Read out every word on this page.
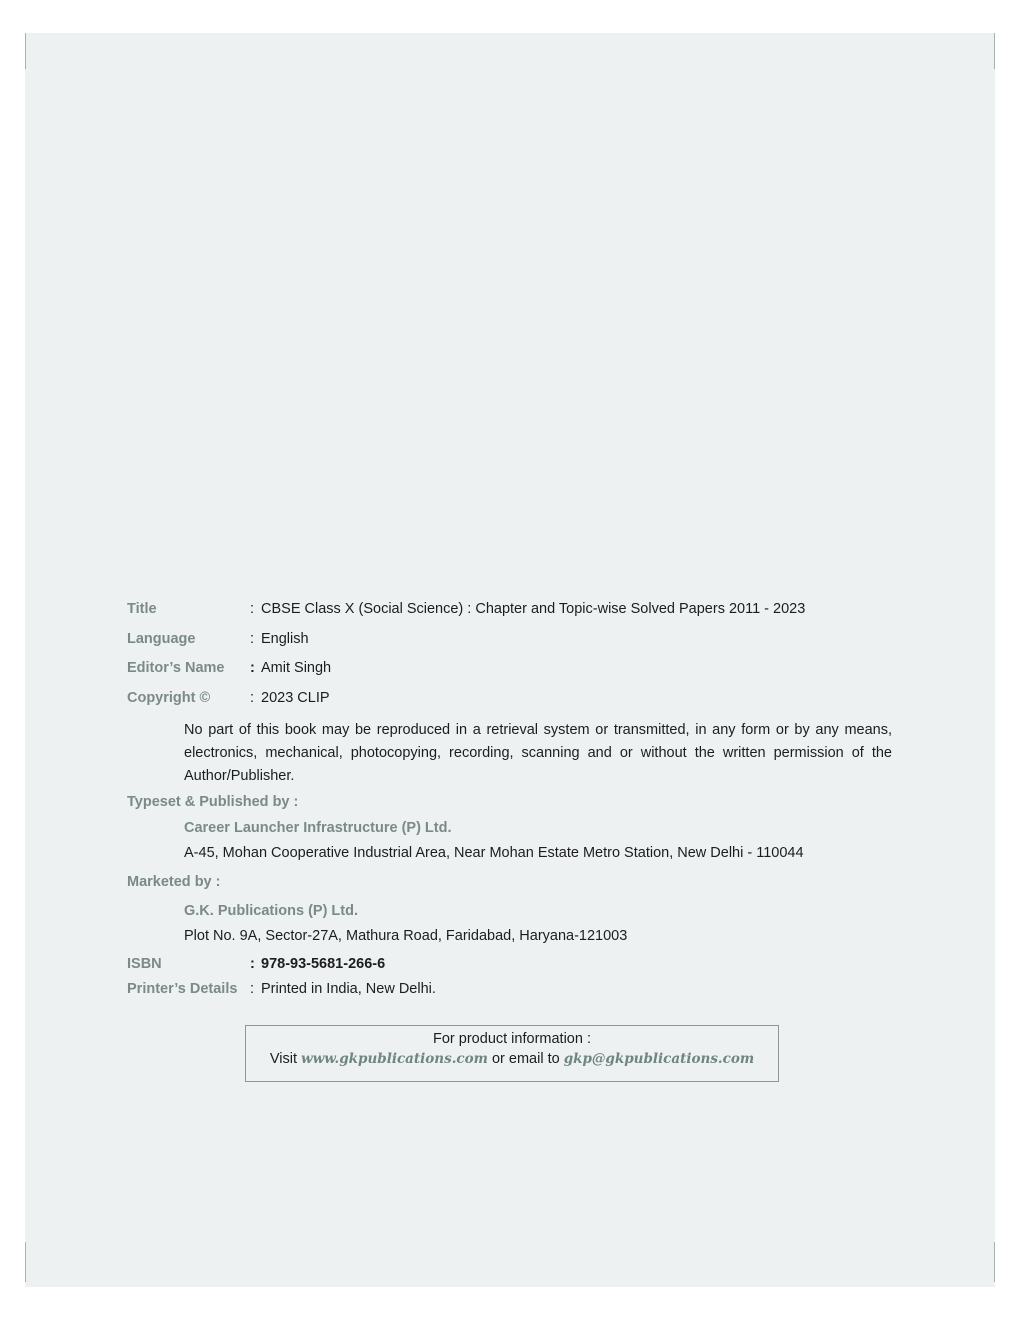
Title	: CBSE Class X (Social Science) : Chapter and Topic-wise Solved Papers 2011 - 2023
Language	: English
Editor’s Name	: Amit Singh
Copyright ©	: 2023 CLIP
No part of this book may be reproduced in a retrieval system or transmitted, in any form or by any means, electronics, mechanical, photocopying, recording, scanning and or without the written permission of the Author/Publisher.
Typeset & Published by :
Career Launcher Infrastructure (P) Ltd.
A-45, Mohan Cooperative Industrial Area, Near Mohan Estate Metro Station, New Delhi - 110044
Marketed by :
G.K. Publications (P) Ltd.
Plot No. 9A, Sector-27A, Mathura Road, Faridabad, Haryana-121003
ISBN	: 978-93-5681-266-6
Printer’s Details : Printed in India, New Delhi.
For product information :
Visit www.gkpublications.com or email to gkp@gkpublications.com
